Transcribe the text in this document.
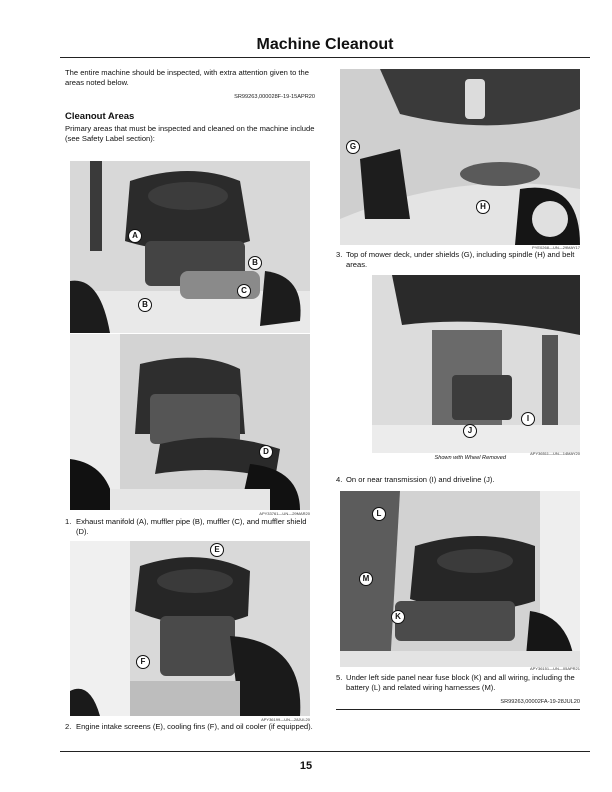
Machine Cleanout
The entire machine should be inspected, with extra attention given to the areas noted below.
SR99263,000028F-19-15APR20
Cleanout Areas
Primary areas that must be inspected and cleaned on the machine include (see Safety Label section):
A
B
B
C
D
APY33761—UN—29MAR20
1. Exhaust manifold (A), muffler pipe (B), muffler (C), and muffler shield (D).
E
F
APY36199—UN—28JUL20
2. Engine intake screens (E), cooling fins (F), and oil cooler (if equipped).
G
H
PYE0268—UN—29MAY17
3. Top of mower deck, under shields (G), including spindle (H) and belt areas.
I
J
Shown with Wheel Removed
APY36511—UN—14MAY20
4. On or near transmission (I) and driveline (J).
L
M
K
APY36151—UN—05APR21
5. Under left side panel near fuse block (K) and all wiring, including the battery (L) and related wiring harnesses (M).
SR99263,00002FA-19-28JUL20
15
